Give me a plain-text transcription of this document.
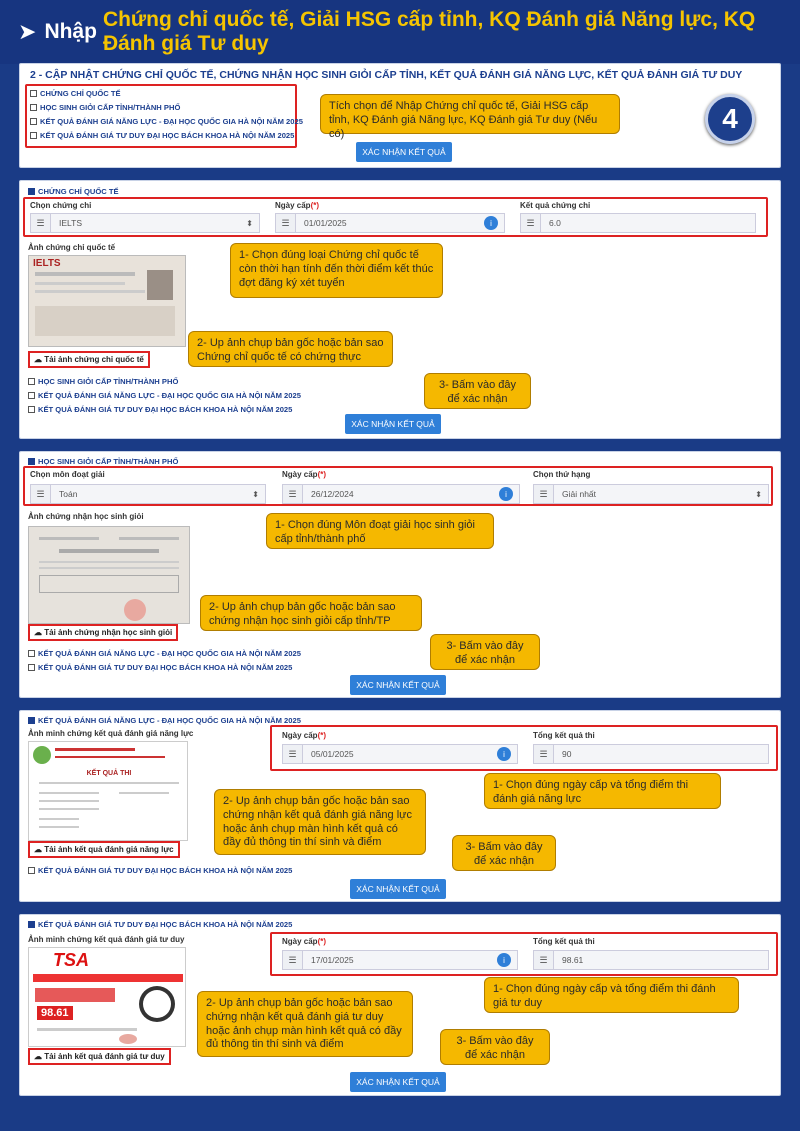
➤ Nhập
Chứng chỉ quốc tế, Giải HSG cấp tỉnh, KQ Đánh giá Năng lực, KQ Đánh giá Tư duy
2 - CẬP NHẬT CHỨNG CHỈ QUỐC TẾ, CHỨNG NHẬN HỌC SINH GIỎI CẤP TỈNH, KẾT QUẢ ĐÁNH GIÁ NĂNG LỰC, KẾT QUẢ ĐÁNH GIÁ TƯ DUY
CHỨNG CHỈ QUỐC TẾ
HỌC SINH GIỎI CẤP TỈNH/THÀNH PHỐ
KẾT QUẢ ĐÁNH GIÁ NĂNG LỰC - ĐẠI HỌC QUỐC GIA HÀ NỘI NĂM 2025
KẾT QUẢ ĐÁNH GIÁ TƯ DUY ĐẠI HỌC BÁCH KHOA HÀ NỘI NĂM 2025
Tích chọn để Nhập Chứng chỉ quốc tế, Giải HSG cấp tỉnh, KQ Đánh giá Năng lực, KQ Đánh giá Tư duy (Nếu có)	4
XÁC NHẬN KẾT QUẢ
CHỨNG CHỈ QUỐC TẾ
Chọn chứng chỉ
☰	IELTS	⬍
Ngày cấp(*)
☰	01/01/2025	i
Kết quả chứng chỉ
☰	6.0
Ảnh chứng chỉ quốc tế
IELTS
☁ Tải ảnh chứng chỉ quốc tế
1- Chọn đúng loại Chứng chỉ quốc tế còn thời hạn tính đến thời điểm kết thúc đợt đăng ký xét tuyển
2- Up ảnh chụp bản gốc hoặc bản sao Chứng chỉ quốc tế có chứng thực
3- Bấm vào đây để xác nhận
HỌC SINH GIỎI CẤP TỈNH/THÀNH PHỐ
KẾT QUẢ ĐÁNH GIÁ NĂNG LỰC - ĐẠI HỌC QUỐC GIA HÀ NỘI NĂM 2025
KẾT QUẢ ĐÁNH GIÁ TƯ DUY ĐẠI HỌC BÁCH KHOA HÀ NỘI NĂM 2025
XÁC NHẬN KẾT QUẢ
HỌC SINH GIỎI CẤP TỈNH/THÀNH PHỐ
Chọn môn đoạt giải
☰	Toán	⬍
Ngày cấp(*)
☰	26/12/2024	i
Chọn thứ hạng
☰	Giải nhất	⬍
Ảnh chứng nhận học sinh giỏi
☁ Tải ảnh chứng nhận học sinh giỏi
1- Chọn đúng Môn đoạt giải học sinh giỏi cấp tỉnh/thành phố
2- Up ảnh chụp bản gốc hoặc bản sao chứng nhận học sinh giỏi cấp tỉnh/TP
3- Bấm vào đây để xác nhận
KẾT QUẢ ĐÁNH GIÁ NĂNG LỰC - ĐẠI HỌC QUỐC GIA HÀ NỘI NĂM 2025
KẾT QUẢ ĐÁNH GIÁ TƯ DUY ĐẠI HỌC BÁCH KHOA HÀ NỘI NĂM 2025
XÁC NHẬN KẾT QUẢ
KẾT QUẢ ĐÁNH GIÁ NĂNG LỰC - ĐẠI HỌC QUỐC GIA HÀ NỘI NĂM 2025
Ảnh minh chứng kết quả đánh giá năng lực
KẾT QUẢ THI
☁ Tải ảnh kết quả đánh giá năng lực
Ngày cấp(*)
☰	05/01/2025	i
Tổng kết quả thi
☰	90
1- Chọn đúng ngày cấp và tổng điểm thi đánh giá năng lực
2- Up ảnh chụp bản gốc hoặc bản sao chứng nhận kết quả đánh giá năng lực hoặc ảnh chụp màn hình kết quả có đầy đủ thông tin thí sinh và điểm	3- Bấm vào đây để xác nhận
KẾT QUẢ ĐÁNH GIÁ TƯ DUY ĐẠI HỌC BÁCH KHOA HÀ NỘI NĂM 2025
XÁC NHẬN KẾT QUẢ
KẾT QUẢ ĐÁNH GIÁ TƯ DUY ĐẠI HỌC BÁCH KHOA HÀ NỘI NĂM 2025
Ảnh minh chứng kết quả đánh giá tư duy
TSA
98.61
☁ Tải ảnh kết quả đánh giá tư duy
Ngày cấp(*)
☰	17/01/2025	i
Tổng kết quả thi
☰	98.61
1- Chọn đúng ngày cấp và tổng điểm thi đánh giá tư duy
2- Up ảnh chụp bản gốc hoặc bản sao chứng nhận kết quả đánh giá tư duy hoặc ảnh chụp màn hình kết quả có đầy đủ thông tin thí sinh và điểm	3- Bấm vào đây để xác nhận
XÁC NHẬN KẾT QUẢ
